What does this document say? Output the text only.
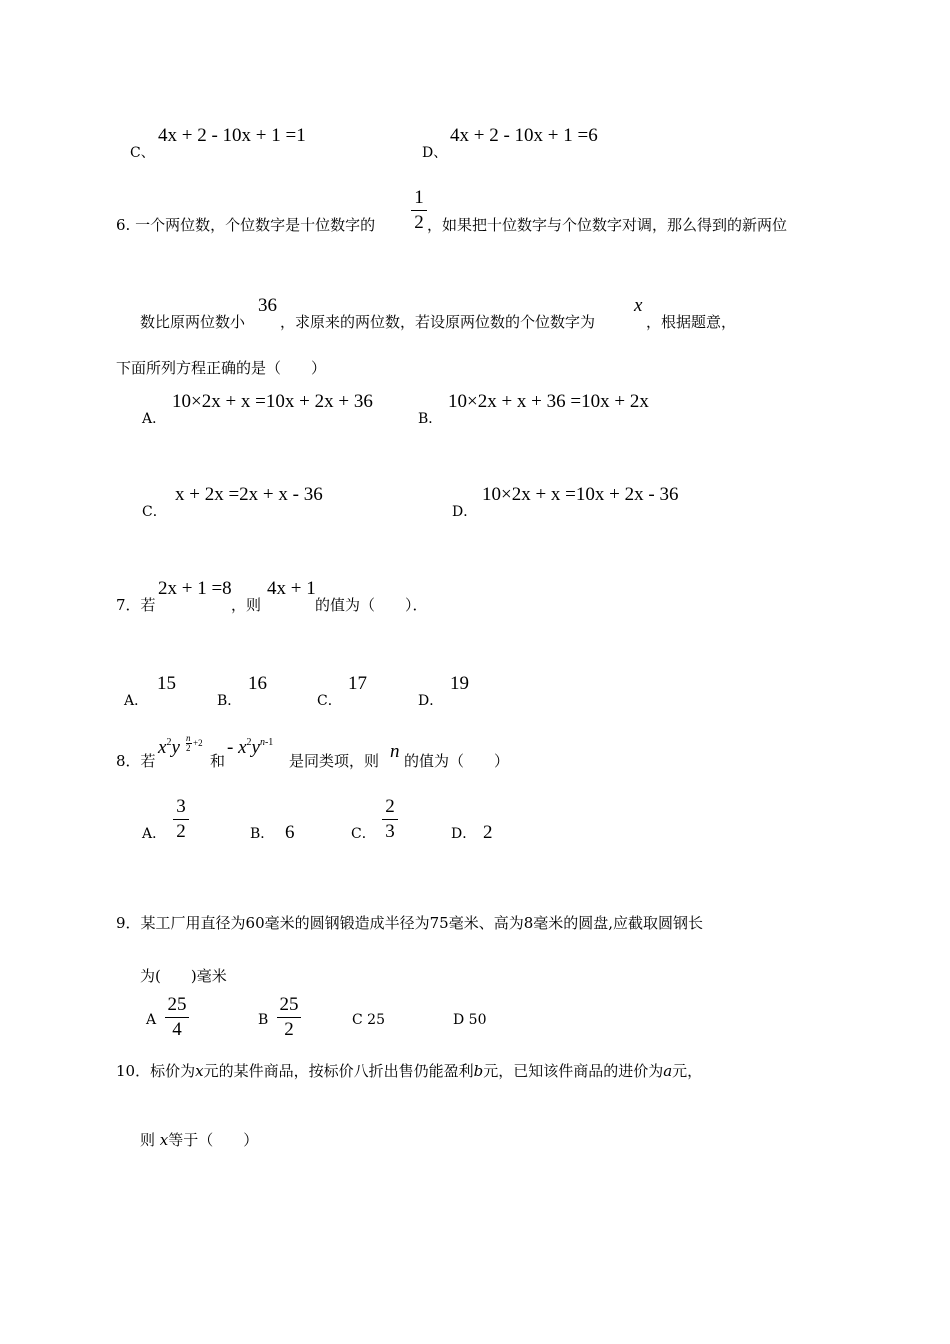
C、
4x + 2 - 10x + 1 =1
D、
4x + 2 - 10x + 1 =6
6. 一个两位数，个位数字是十位数字的
1
2 ，如果把十位数字与个位数字对调，那么得到的新两位
数比原两位数小
36
，求原来的两位数，若设原两位数的个位数字为
x
，根据题意，
下面所列方程正确的是（　　）
A．
10×2x + x =10x + 2x + 36
B．
10×2x + x + 36 =10x + 2x
C．
x + 2x =2x + x - 36
D．
10×2x + x =10x + 2x - 36
7．若
2x + 1 =8
，则
4x + 1
的值为（　　）．
A．
15
B．
16
C．
17
D．
19
8．若
$x^2y$ n
2 +2
和
- $x^2y^{n-1}$
是同类项，则 n 的值为（　　）
A．
3
2	B． 6	C．
2
3	D． 2
9．某工厂用直径为60毫米的圆钢锻造成半径为75毫米、高为8毫米的圆盘,应截取圆钢长
为(　　)毫米
A
25
4	B
25
2	C 25	D 50
10．标价为x元的某件商品，按标价八折出售仍能盈利b元，已知该件商品的进价为a元，
则 x等于（　　）
